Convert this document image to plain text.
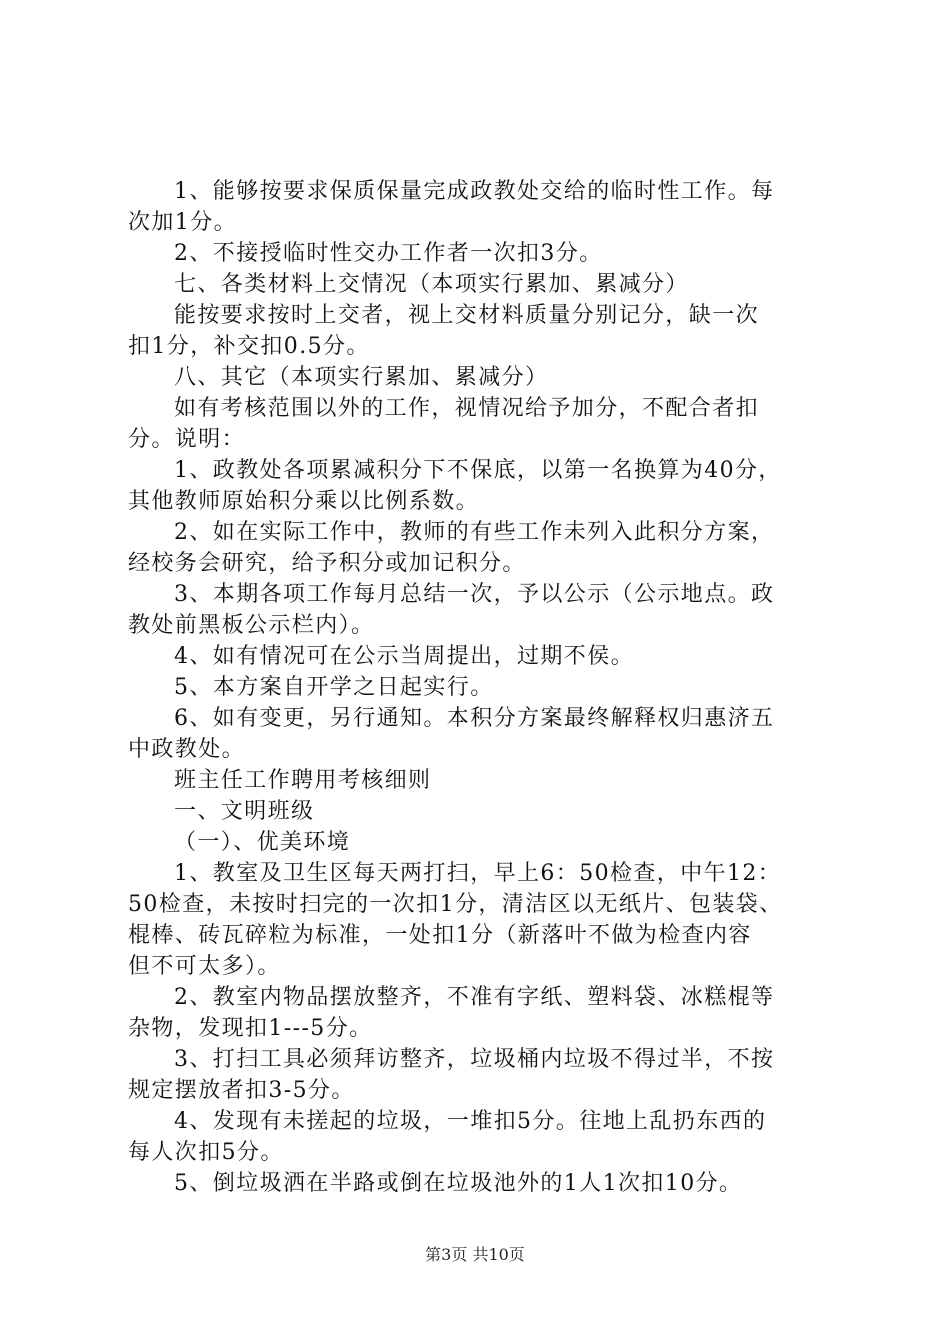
1、能够按要求保质保量完成政教处交给的临时性工作。每
次加1分。
2、不接授临时性交办工作者一次扣3分。
七、各类材料上交情况（本项实行累加、累减分）
能按要求按时上交者，视上交材料质量分别记分，缺一次
扣1分，补交扣0.5分。
八、其它（本项实行累加、累减分）
如有考核范围以外的工作，视情况给予加分，不配合者扣
分。说明：
1、政教处各项累减积分下不保底，以第一名换算为40分，
其他教师原始积分乘以比例系数。
2、如在实际工作中，教师的有些工作未列入此积分方案，
经校务会研究，给予积分或加记积分。
3、本期各项工作每月总结一次，予以公示（公示地点。政
教处前黑板公示栏内）。
4、如有情况可在公示当周提出，过期不侯。
5、本方案自开学之日起实行。
6、如有变更，另行通知。本积分方案最终解释权归惠济五
中政教处。
班主任工作聘用考核细则
一、文明班级
（一）、优美环境
1、教室及卫生区每天两打扫，早上6：50检查，中午12：
50检查，未按时扫完的一次扣1分，清洁区以无纸片、包装袋、
棍棒、砖瓦碎粒为标准，一处扣1分（新落叶不做为检查内容
但不可太多）。
2、教室内物品摆放整齐，不准有字纸、塑料袋、冰糕棍等
杂物，发现扣1---5分。
3、打扫工具必须拜访整齐，垃圾桶内垃圾不得过半，不按
规定摆放者扣3-5分。
4、发现有未搓起的垃圾，一堆扣5分。往地上乱扔东西的
每人次扣5分。
5、倒垃圾洒在半路或倒在垃圾池外的1人1次扣10分。
第3页 共10页
